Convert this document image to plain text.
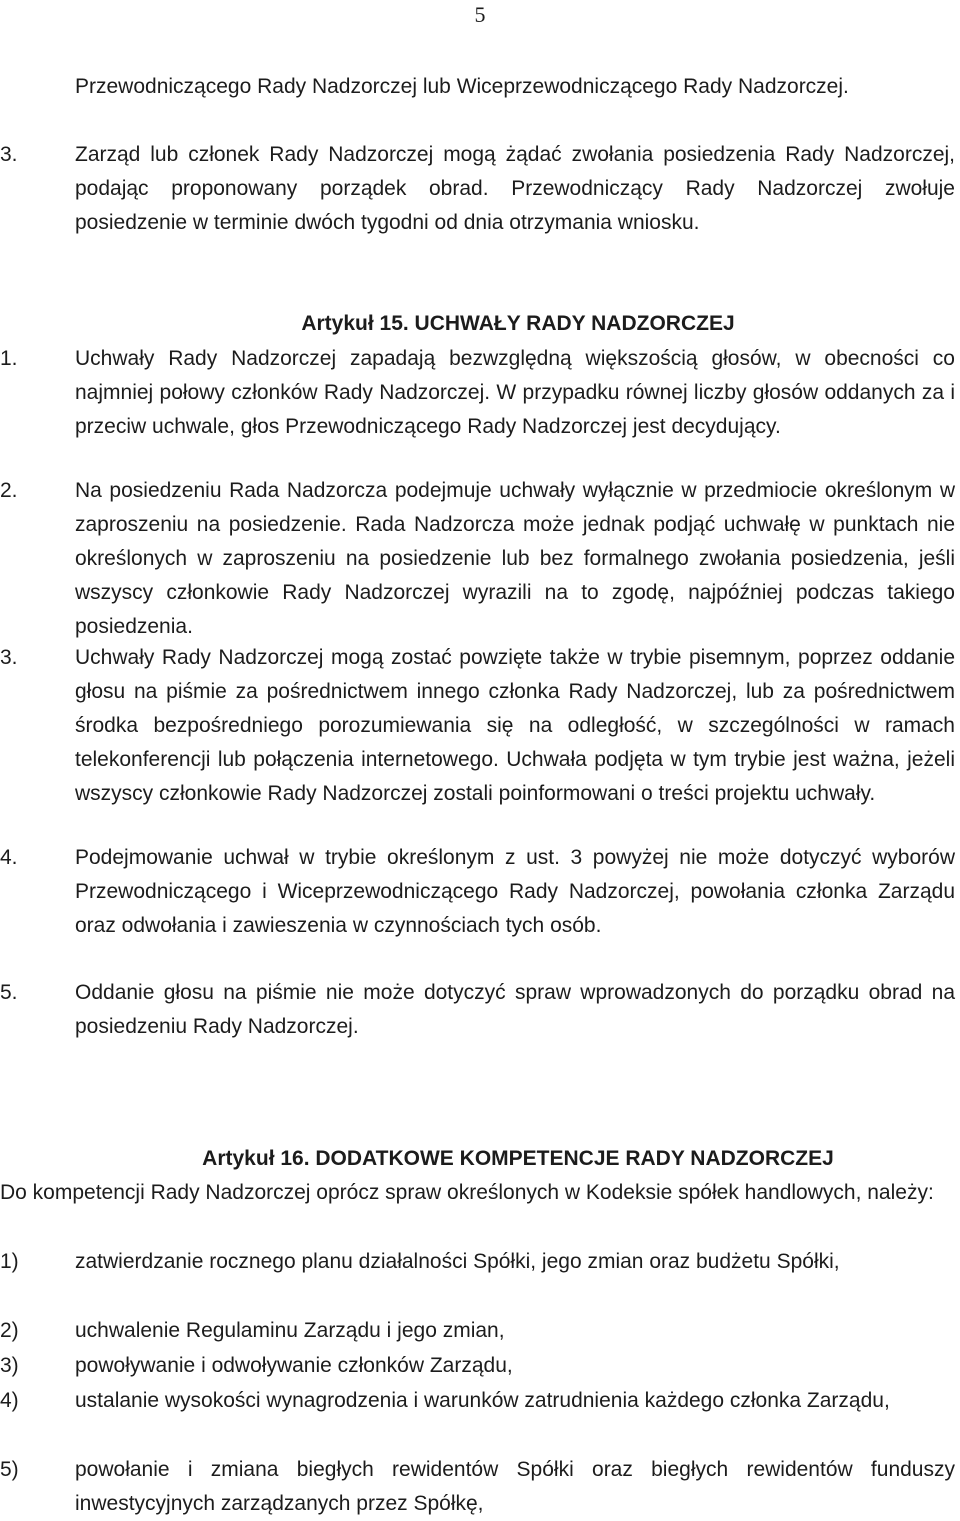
5

Przewodniczącego Rady Nadzorczej lub Wiceprzewodniczącego Rady Nadzorczej.

3.	Zarząd lub członek Rady Nadzorczej mogą żądać zwołania posiedzenia Rady Nadzorczej, podając proponowany porządek obrad. Przewodniczący Rady Nadzorczej zwołuje posiedzenie w terminie dwóch tygodni od dnia otrzymania wniosku.

Artykuł 15. UCHWAŁY RADY NADZORCZEJ
1.	Uchwały Rady Nadzorczej zapadają bezwzględną większością głosów, w obecności co najmniej połowy członków Rady Nadzorczej. W przypadku równej liczby głosów oddanych za i przeciw uchwale, głos Przewodniczącego Rady Nadzorczej jest decydujący.

2.	Na posiedzeniu Rada Nadzorcza podejmuje uchwały wyłącznie w przedmiocie określonym w zaproszeniu na posiedzenie. Rada Nadzorcza może jednak podjąć uchwałę w punktach nie określonych w zaproszeniu na posiedzenie lub bez formalnego zwołania posiedzenia, jeśli wszyscy członkowie Rady Nadzorczej wyrazili na to zgodę, najpóźniej podczas takiego posiedzenia.

3.	Uchwały Rady Nadzorczej mogą zostać powzięte także w trybie pisemnym, poprzez oddanie głosu na piśmie za pośrednictwem innego członka Rady Nadzorczej, lub za pośrednictwem środka bezpośredniego porozumiewania się na odległość, w szczególności w ramach telekonferencji lub połączenia internetowego. Uchwała podjęta w tym trybie jest ważna, jeżeli wszyscy członkowie Rady Nadzorczej zostali poinformowani o treści projektu uchwały.

4.	Podejmowanie uchwał w trybie określonym z ust. 3 powyżej nie może dotyczyć wyborów Przewodniczącego i Wiceprzewodniczącego Rady Nadzorczej, powołania członka Zarządu oraz odwołania i zawieszenia w czynnościach tych osób.

5.	Oddanie głosu na piśmie nie może dotyczyć spraw wprowadzonych do porządku obrad na posiedzeniu Rady Nadzorczej.

Artykuł 16. DODATKOWE KOMPETENCJE RADY NADZORCZEJ

Do kompetencji Rady Nadzorczej oprócz spraw określonych w Kodeksie spółek handlowych, należy:

1)	zatwierdzanie rocznego planu działalności Spółki, jego zmian oraz budżetu Spółki,

2)	uchwalenie Regulaminu Zarządu i jego zmian,

3)	powoływanie i odwoływanie członków Zarządu,

4)	ustalanie wysokości wynagrodzenia i warunków zatrudnienia każdego członka Zarządu,

5)	powołanie i zmiana biegłych rewidentów Spółki oraz biegłych rewidentów funduszy inwestycyjnych zarządzanych przez Spółkę,
